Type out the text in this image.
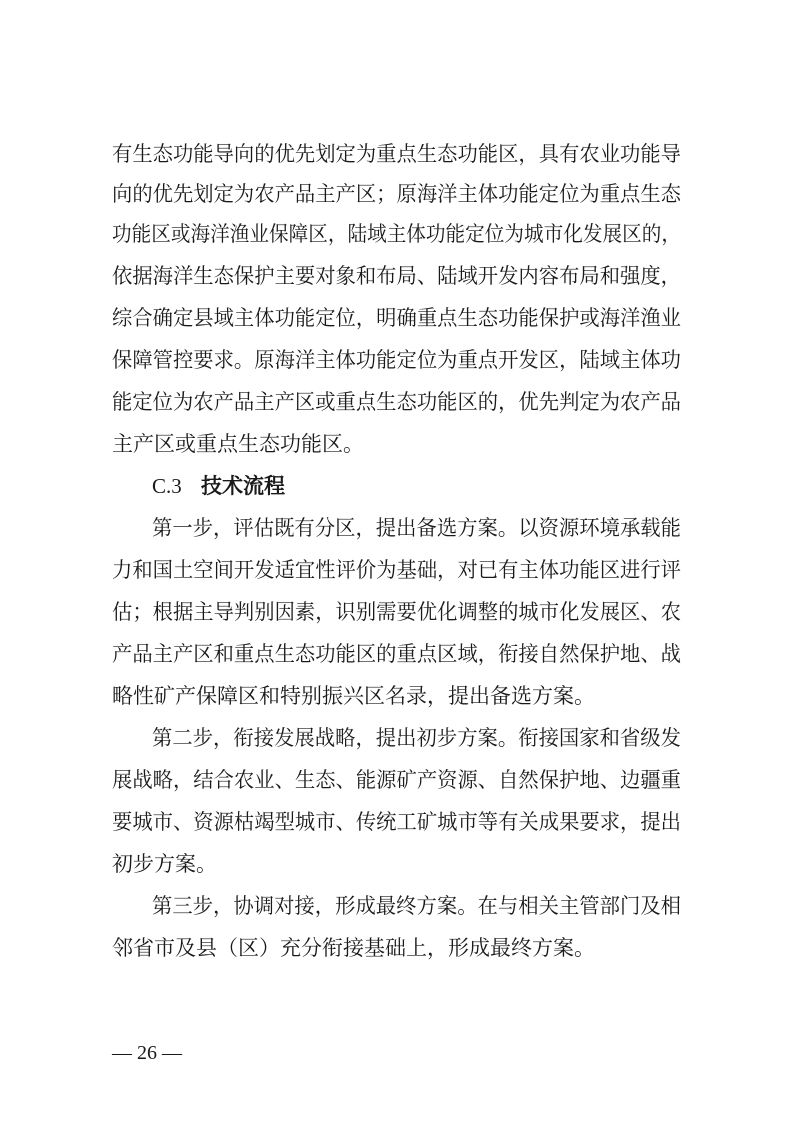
有生态功能导向的优先划定为重点生态功能区，具有农业功能导
向的优先划定为农产品主产区；原海洋主体功能定位为重点生态
功能区或海洋渔业保障区，陆域主体功能定位为城市化发展区的，
依据海洋生态保护主要对象和布局、陆域开发内容布局和强度，
综合确定县域主体功能定位，明确重点生态功能保护或海洋渔业
保障管控要求。原海洋主体功能定位为重点开发区，陆域主体功
能定位为农产品主产区或重点生态功能区的，优先判定为农产品
主产区或重点生态功能区。
C.3 技术流程
第一步，评估既有分区，提出备选方案。以资源环境承载能
力和国土空间开发适宜性评价为基础，对已有主体功能区进行评
估；根据主导判别因素，识别需要优化调整的城市化发展区、农
产品主产区和重点生态功能区的重点区域，衔接自然保护地、战
略性矿产保障区和特别振兴区名录，提出备选方案。
第二步，衔接发展战略，提出初步方案。衔接国家和省级发
展战略，结合农业、生态、能源矿产资源、自然保护地、边疆重
要城市、资源枯竭型城市、传统工矿城市等有关成果要求，提出
初步方案。
第三步，协调对接，形成最终方案。在与相关主管部门及相
邻省市及县（区）充分衔接基础上，形成最终方案。
— 26 —
